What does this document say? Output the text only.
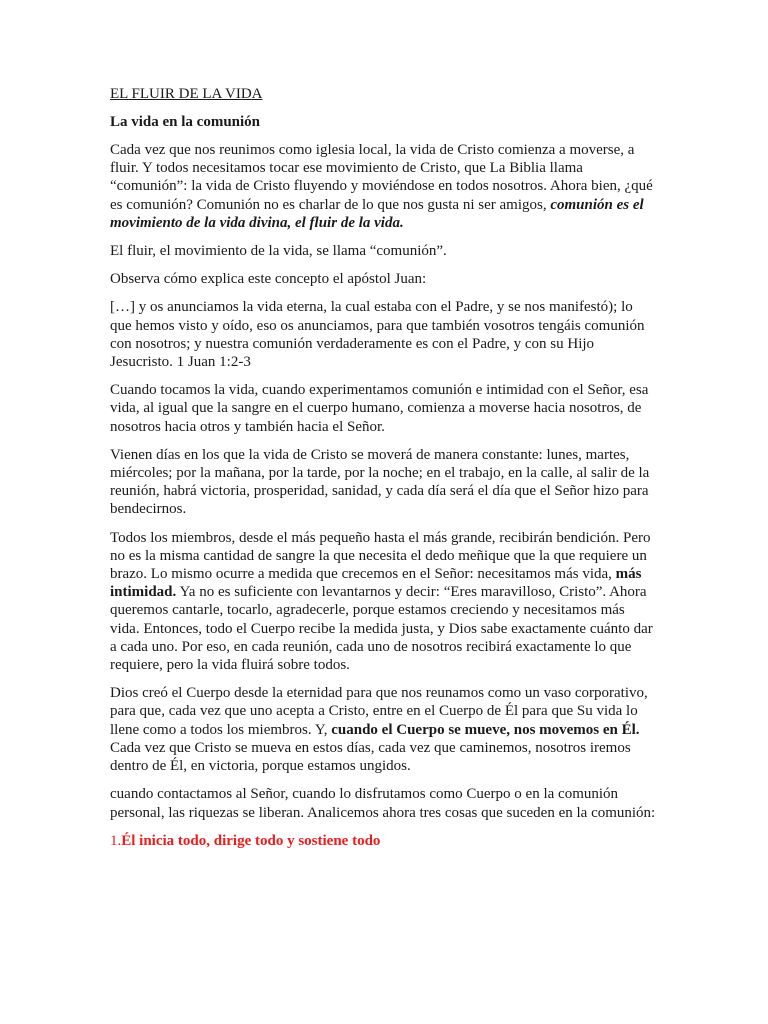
EL FLUIR DE LA VIDA
La vida en la comunión

Cada vez que nos reunimos como iglesia local, la vida de Cristo comienza a moverse, a fluir. Y todos necesitamos tocar ese movimiento de Cristo, que La Biblia llama “comunión”: la vida de Cristo fluyendo y moviéndose en todos nosotros. Ahora bien, ¿qué es comunión? Comunión no es charlar de lo que nos gusta ni ser amigos, comunión es el movimiento de la vida divina, el fluir de la vida.

El fluir, el movimiento de la vida, se llama “comunión”.

Observa cómo explica este concepto el apóstol Juan:

[…] y os anunciamos la vida eterna, la cual estaba con el Padre, y se nos manifestó); lo que hemos visto y oído, eso os anunciamos, para que también vosotros tengáis comunión con nosotros; y nuestra comunión verdaderamente es con el Padre, y con su Hijo Jesucristo. 1 Juan 1:2-3

Cuando tocamos la vida, cuando experimentamos comunión e intimidad con el Señor, esa vida, al igual que la sangre en el cuerpo humano, comienza a moverse hacia nosotros, de nosotros hacia otros y también hacia el Señor.

Vienen días en los que la vida de Cristo se moverá de manera constante: lunes, martes, miércoles; por la mañana, por la tarde, por la noche; en el trabajo, en la calle, al salir de la reunión, habrá victoria, prosperidad, sanidad, y cada día será el día que el Señor hizo para bendecirnos.

Todos los miembros, desde el más pequeño hasta el más grande, recibirán bendición. Pero no es la misma cantidad de sangre la que necesita el dedo meñique que la que requiere un brazo. Lo mismo ocurre a medida que crecemos en el Señor: necesitamos más vida, más intimidad. Ya no es suficiente con levantarnos y decir: “Eres maravilloso, Cristo”. Ahora queremos cantarle, tocarlo, agradecerle, porque estamos creciendo y necesitamos más vida. Entonces, todo el Cuerpo recibe la medida justa, y Dios sabe exactamente cuánto dar a cada uno. Por eso, en cada reunión, cada uno de nosotros recibirá exactamente lo que requiere, pero la vida fluirá sobre todos.

Dios creó el Cuerpo desde la eternidad para que nos reunamos como un vaso corporativo, para que, cada vez que uno acepta a Cristo, entre en el Cuerpo de Él para que Su vida lo llene como a todos los miembros. Y, cuando el Cuerpo se mueve, nos movemos en Él. Cada vez que Cristo se mueva en estos días, cada vez que caminemos, nosotros iremos dentro de Él, en victoria, porque estamos ungidos.

cuando contactamos al Señor, cuando lo disfrutamos como Cuerpo o en la comunión personal, las riquezas se liberan. Analicemos ahora tres cosas que suceden en la comunión:

1.Él inicia todo, dirige todo y sostiene todo
